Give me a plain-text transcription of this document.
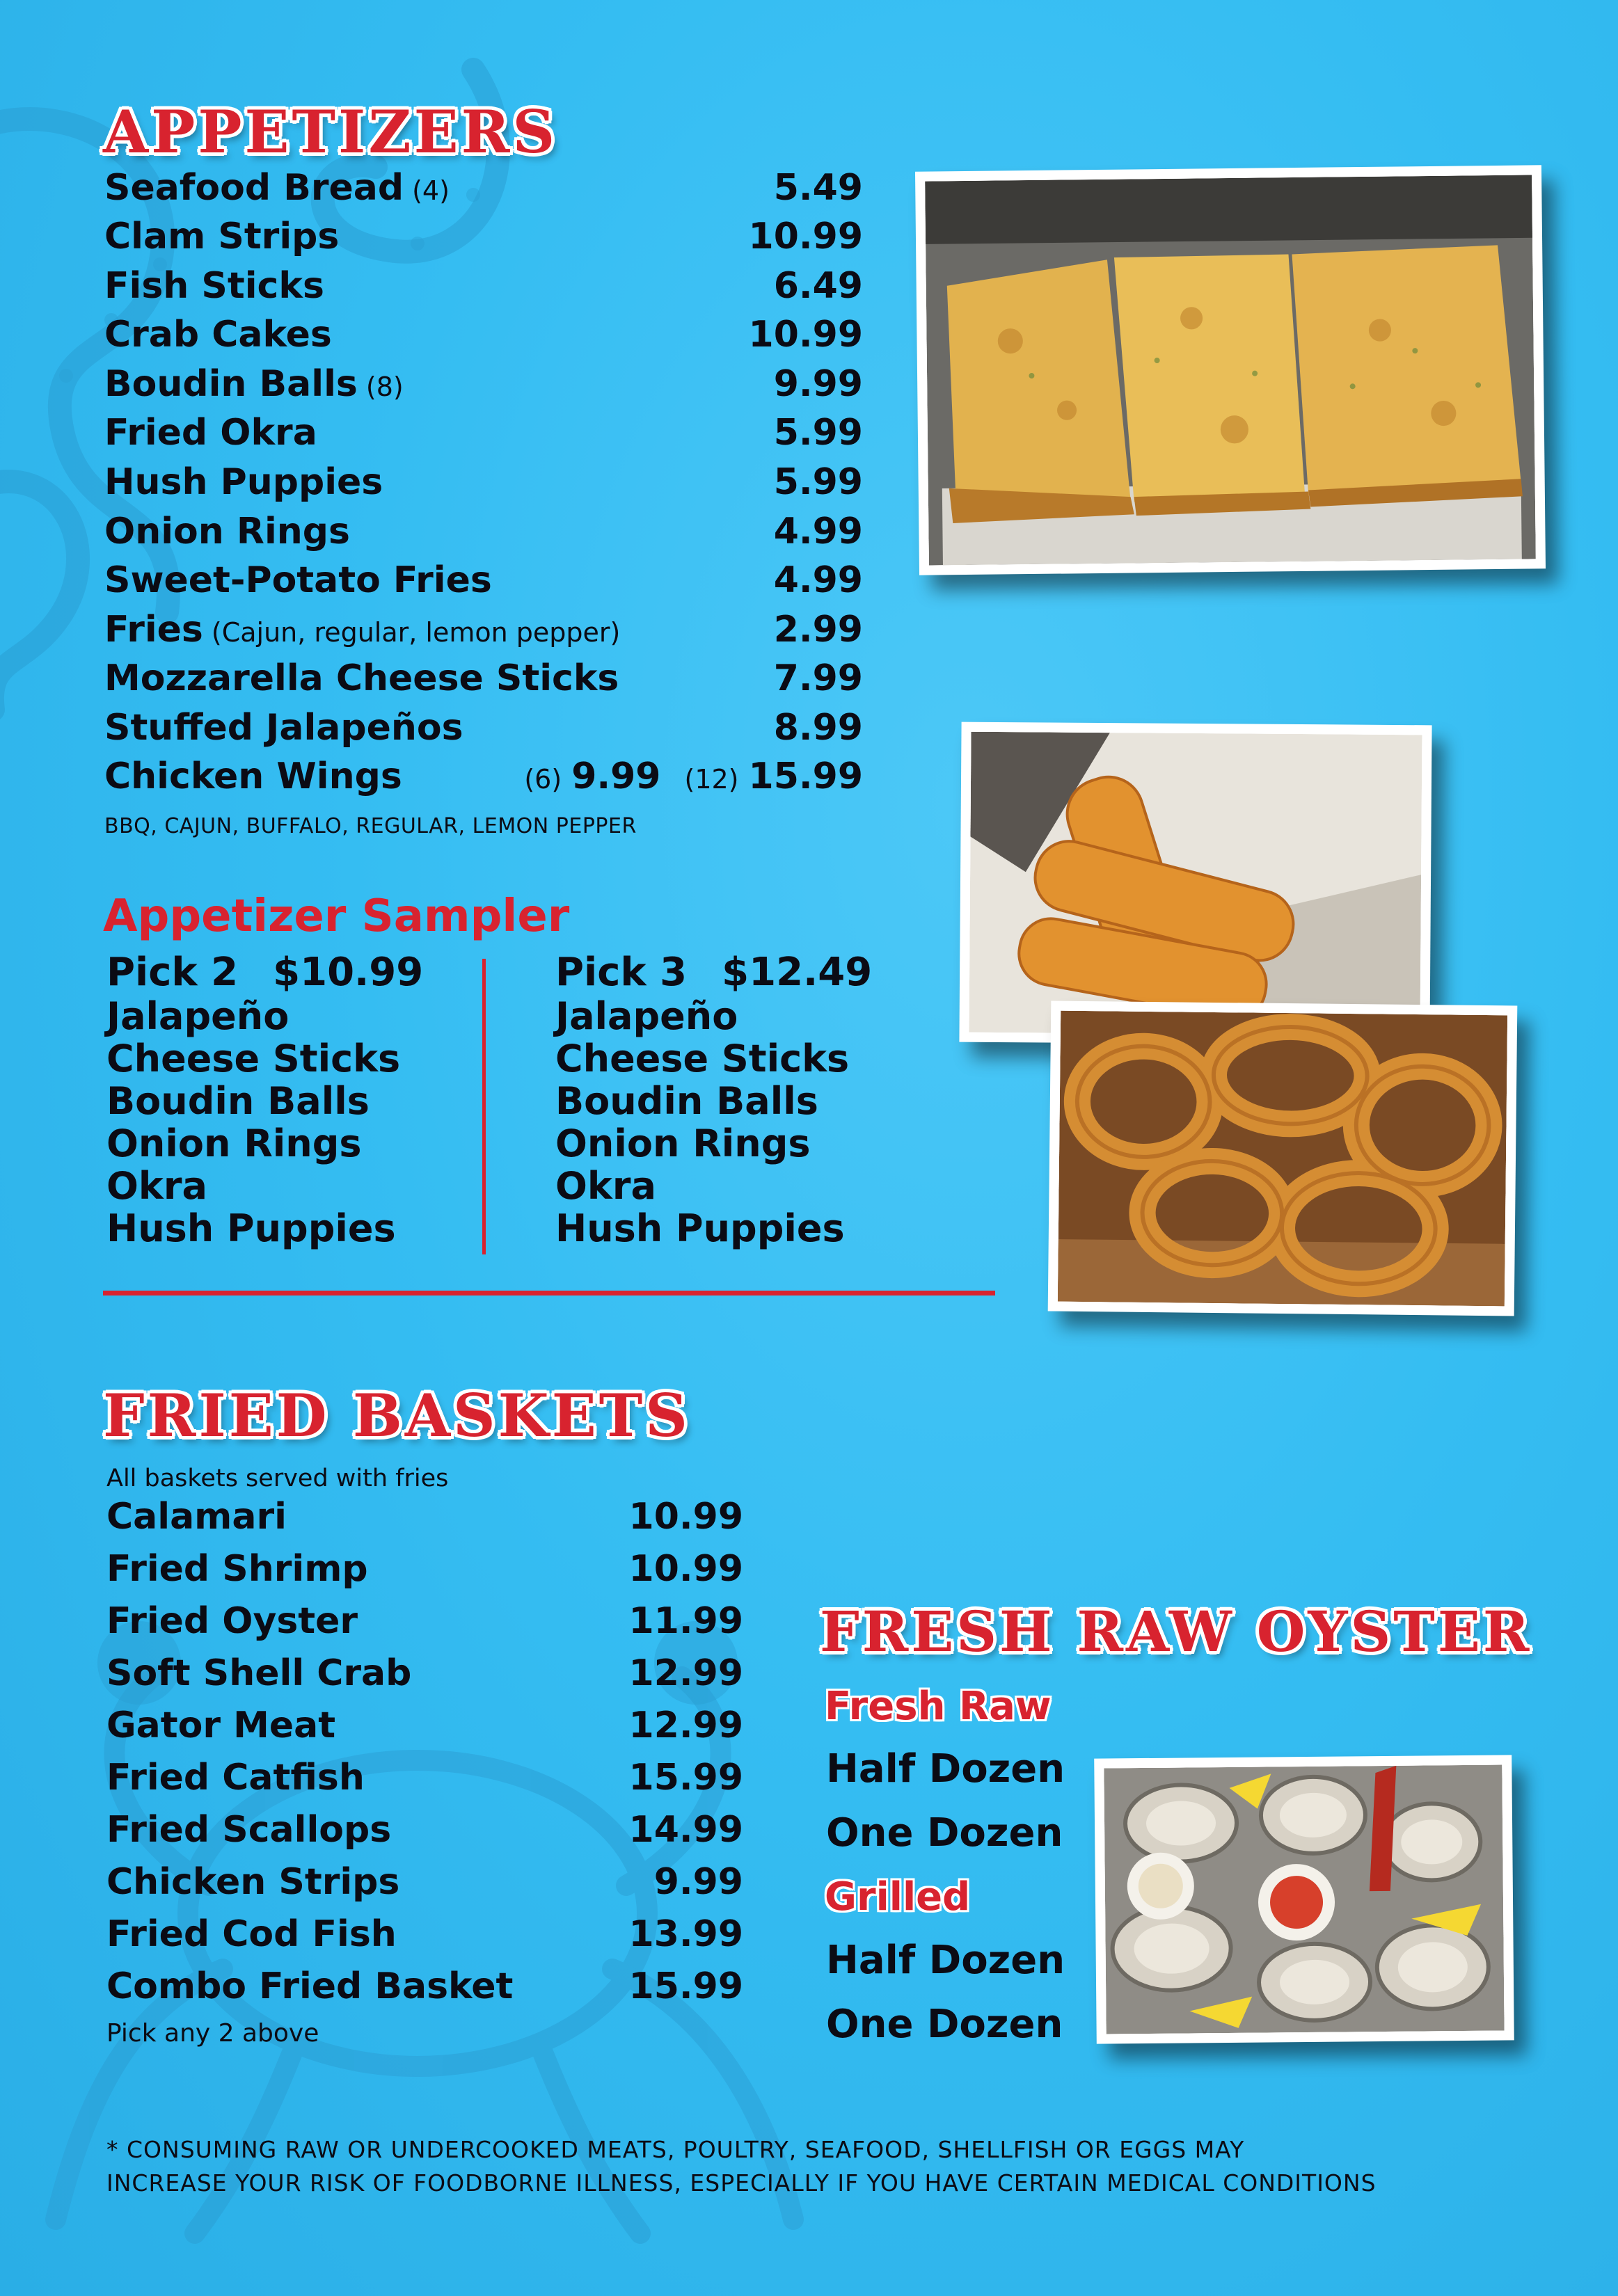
APPETIZERS
Seafood Bread (4)	5.49
Clam Strips	10.99
Fish Sticks	6.49
Crab Cakes	10.99
Boudin Balls (8)	9.99
Fried Okra	5.99
Hush Puppies	5.99
Onion Rings	4.99
Sweet-Potato Fries	4.99
Fries (Cajun, regular, lemon pepper)	2.99
Mozzarella Cheese Sticks	7.99
Stuffed Jalapeños	8.99
Chicken Wings	(6) 9.99 (12) 15.99
BBQ, CAJUN, BUFFALO, REGULAR, LEMON PEPPER
Appetizer Sampler
Pick 2 $10.99
Jalapeño
Cheese Sticks
Boudin Balls
Onion Rings
Okra
Hush Puppies
Pick 3 $12.49
Jalapeño
Cheese Sticks
Boudin Balls
Onion Rings
Okra
Hush Puppies
FRIED BASKETS
All baskets served with fries
Calamari	10.99
Fried Shrimp	10.99
Fried Oyster	11.99
Soft Shell Crab	12.99
Gator Meat	12.99
Fried Catfish	15.99
Fried Scallops	14.99
Chicken Strips	9.99
Fried Cod Fish	13.99
Combo Fried Basket	15.99
Pick any 2 above
FRESH RAW OYSTER
Fresh Raw
Half Dozen
One Dozen
Grilled
Half Dozen
One Dozen
* CONSUMING RAW OR UNDERCOOKED MEATS, POULTRY, SEAFOOD, SHELLFISH OR EGGS MAY
INCREASE YOUR RISK OF FOODBORNE ILLNESS, ESPECIALLY IF YOU HAVE CERTAIN MEDICAL CONDITIONS
